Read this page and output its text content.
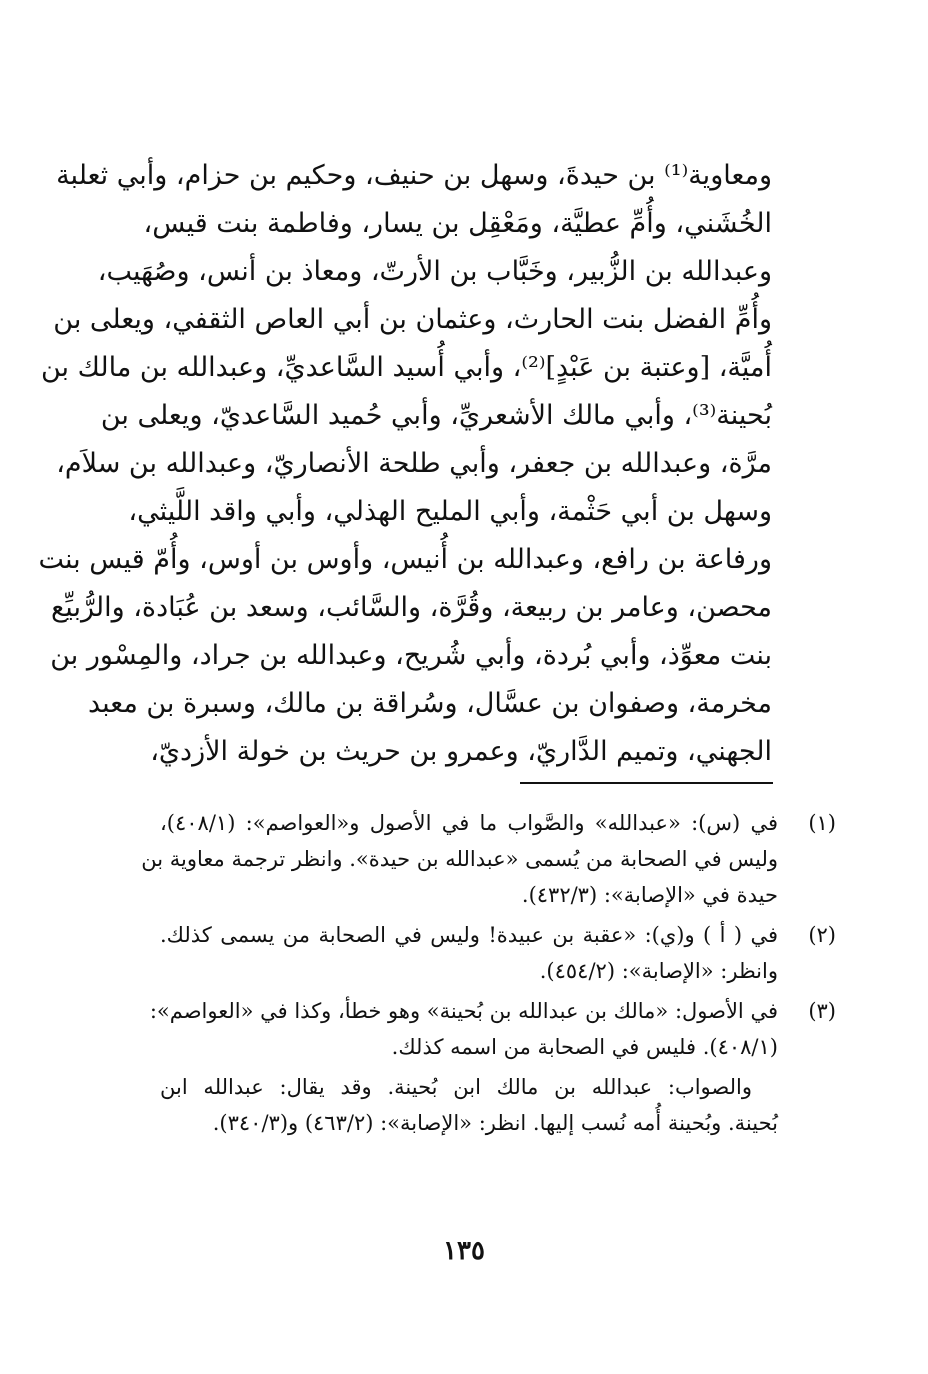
ومعاوية⁽¹⁾ بن حيدةَ، وسهل بن حنيف، وحكيم بن حزام، وأبي ثعلبة
الخُشَني، وأُمِّ عطيَّة، ومَعْقِل بن يسار، وفاطمة بنت قيس،
وعبدالله بن الزُّبير، وخَبَّاب بن الأرتّ، ومعاذ بن أنس، وصُهَيب،
وأُمِّ الفضل بنت الحارث، وعثمان بن أبي العاص الثقفي، ويعلى بن
أُميَّة، [وعتبة بن عَبْدٍ]⁽²⁾، وأبي أُسيد السَّاعديِّ، وعبدالله بن مالك بن
بُحينة⁽³⁾، وأبي مالك الأشعريِّ، وأبي حُميد السَّاعديّ، ويعلى بن
مرَّة، وعبدالله بن جعفر، وأبي طلحة الأنصاريّ، وعبدالله بن سلاَم،
وسهل بن أبي حَثْمة، وأبي المليح الهذلي، وأبي واقد اللَّيثي،
ورفاعة بن رافع، وعبدالله بن أُنيس، وأوس بن أوس، وأُمّ قيس بنت
محصن، وعامر بن ربيعة، وقُرَّة، والسَّائب، وسعد بن عُبَادة، والرُّبيِّع
بنت معوِّذ، وأبي بُردة، وأبي شُريح، وعبدالله بن جراد، والمِسْور بن
مخرمة، وصفوان بن عسَّال، وسُراقة بن مالك، وسبرة بن معبد
الجهني، وتميم الدَّاريّ، وعمرو بن حريث بن خولة الأزديّ،
(١)
في (س): «عبدالله» والصَّواب ما في الأصول و«العواصم»: (٤٠٨/١)،
وليس في الصحابة من يُسمى «عبدالله بن حيدة». وانظر ترجمة معاوية بن
حيدة في «الإصابة»: (٤٣٢/٣).
(٢)
في ( أ ) و(ي): «عقبة بن عبيدة! وليس في الصحابة من يسمى كذلك.
وانظر: «الإصابة»: (٤٥٤/٢).
(٣)
في الأصول: «مالك بن عبدالله بن بُحينة» وهو خطأ، وكذا في «العواصم»:
(٤٠٨/١). فليس في الصحابة من اسمه كذلك.
والصواب: عبدالله بن مالك ابن بُحينة. وقد يقال: عبدالله ابن
بُحينة. وبُحينة أُمه نُسب إليها. انظر: «الإصابة»: (٤٦٣/٢) و(٣٤٠/٣).
١٣٥
